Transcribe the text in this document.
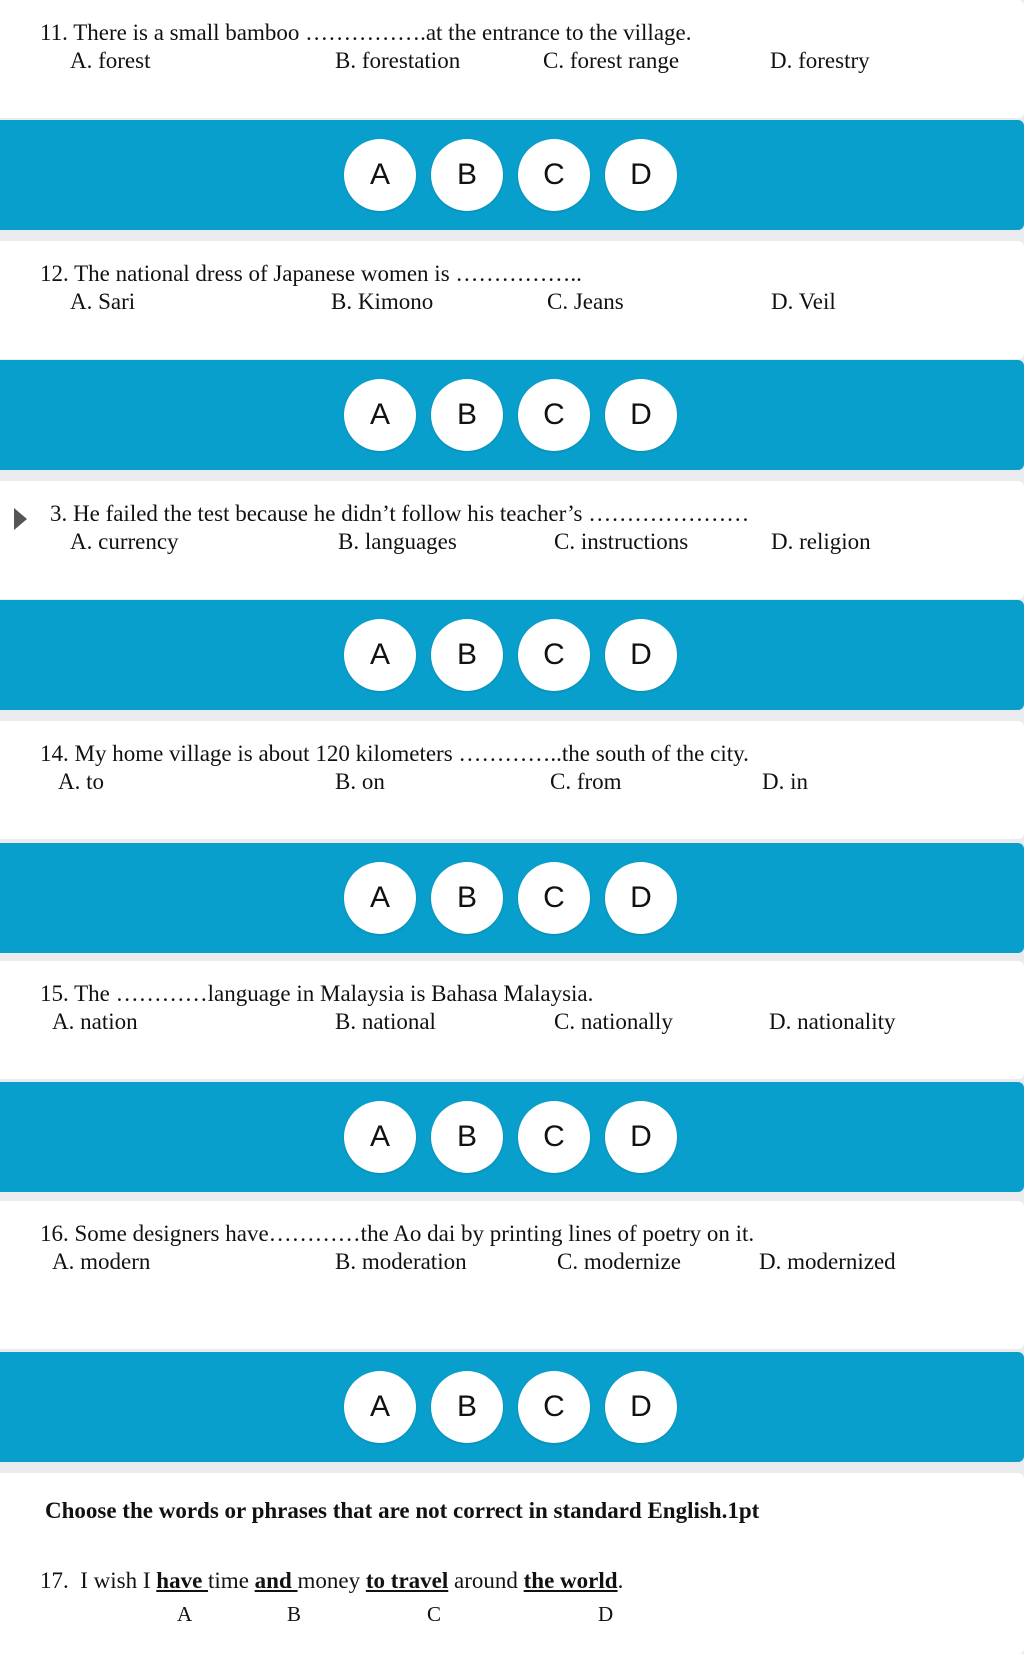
11. There is a small bamboo …………….at the entrance to the village.
A. forest	B. forestation	C. forest range	D. forestry
A	B	C	D
12. The national dress of Japanese women is ……………..
A. Sari	B. Kimono	C. Jeans	D. Veil
A	B	C	D
3. He failed the test because he didn’t follow his teacher’s …………………
A. currency	B. languages	C. instructions	D. religion
A	B	C	D
14. My home village is about 120 kilometers …………..the south of the city.
A. to	B. on	C. from	D. in
A	B	C	D
15. The …………language in Malaysia is Bahasa Malaysia.
A. nation	B. national	C. nationally	D. nationality
A	B	C	D
16. Some designers have…………the Ao dai by printing lines of poetry on it.
A. modern	B. moderation	C. modernize	D. modernized
A	B	C	D
Choose the words or phrases that are not correct in standard English.1pt
17. I wish I have time and money to travel around the world.
A	B	C	D
